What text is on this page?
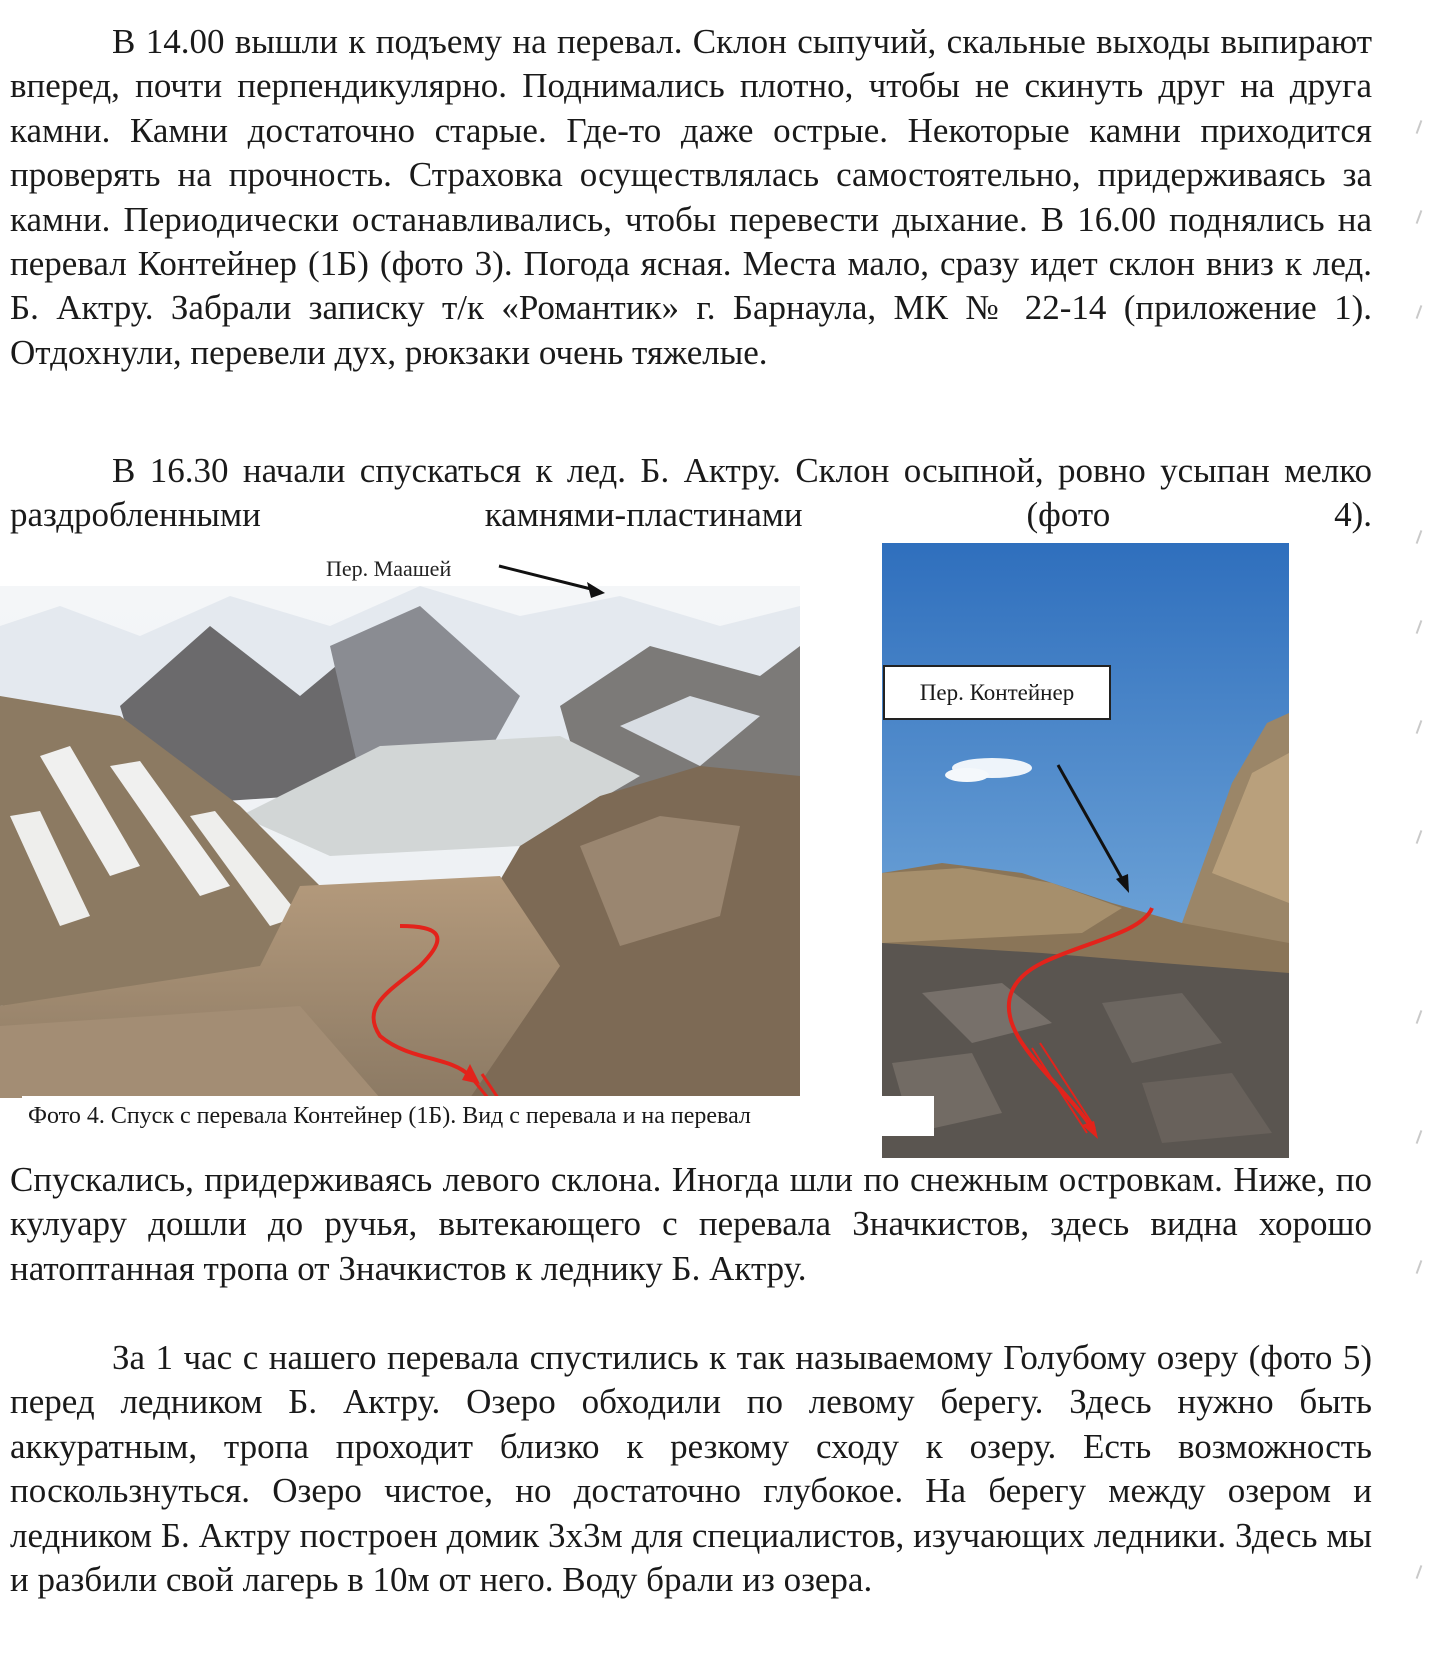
В 14.00 вышли к подъему на перевал. Склон сыпучий, скальные выходы выпирают вперед, почти перпендикулярно. Поднимались плотно, чтобы не скинуть друг на друга камни. Камни достаточно старые. Где-то даже острые. Некоторые камни приходится проверять на прочность. Страховка осуществлялась самостоятельно, придерживаясь за камни. Периодически останавливались, чтобы перевести дыхание. В 16.00 поднялись на перевал Контейнер (1Б) (фото 3). Погода ясная. Места мало, сразу идет склон вниз к лед. Б. Актру. Забрали записку т/к «Романтик» г. Барнаула, МК № 22-14 (приложение 1). Отдохнули, перевели дух, рюкзаки очень тяжелые.

В 16.30 начали спускаться к лед. Б. Актру. Склон осыпной, ровно усыпан мелко раздробленными камнями-пластинами (фото 4).

Пер. Маашей
Пер. Контейнер
Фото 4. Спуск с перевала Контейнер (1Б). Вид с перевала и на перевал

Спускались, придерживаясь левого склона. Иногда шли по снежным островкам. Ниже, по кулуару дошли до ручья, вытекающего с перевала Значкистов, здесь видна хорошо натоптанная тропа от Значкистов к леднику Б. Актру.

За 1 час с нашего перевала спустились к так называемому Голубому озеру (фото 5) перед ледником Б. Актру. Озеро обходили по левому берегу. Здесь нужно быть аккуратным, тропа проходит близко к резкому сходу к озеру. Есть возможность поскользнуться. Озеро чистое, но достаточно глубокое. На берегу между озером и ледником Б. Актру построен домик 3х3м для специалистов, изучающих ледники. Здесь мы и разбили свой лагерь в 10м от него. Воду брали из озера.
